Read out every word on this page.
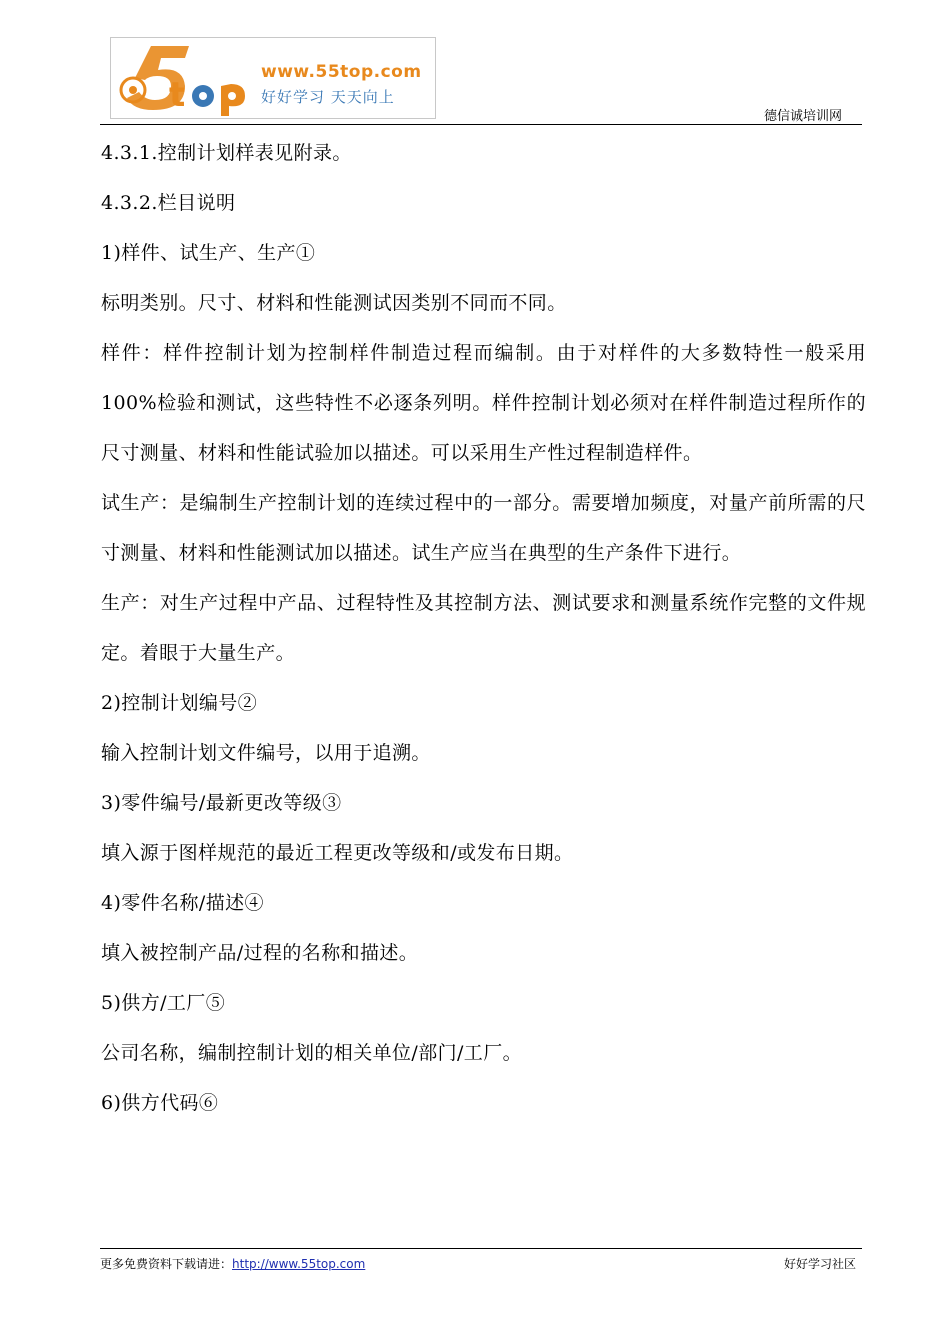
t
www.55top.com
好好学习 天天向上
德信诚培训网

4.3.1.控制计划样表见附录。

4.3.2.栏目说明

1)样件、试生产、生产①

标明类别。尺寸、材料和性能测试因类别不同而不同。

样件：样件控制计划为控制样件制造过程而编制。由于对样件的大多数特性一般采用 100%检验和测试，这些特性不必逐条列明。样件控制计划必须对在样件制造过程所作的尺寸测量、材料和性能试验加以描述。可以采用生产性过程制造样件。

试生产：是编制生产控制计划的连续过程中的一部分。需要增加频度，对量产前所需的尺寸测量、材料和性能测试加以描述。试生产应当在典型的生产条件下进行。

生产：对生产过程中产品、过程特性及其控制方法、测试要求和测量系统作完整的文件规定。着眼于大量生产。

2)控制计划编号②

输入控制计划文件编号，以用于追溯。

3)零件编号/最新更改等级③

填入源于图样规范的最近工程更改等级和/或发布日期。

4)零件名称/描述④

填入被控制产品/过程的名称和描述。

5)供方/工厂⑤

公司名称，编制控制计划的相关单位/部门/工厂。

6)供方代码⑥

更多免费资料下载请进：http://www.55top.com	好好学习社区
